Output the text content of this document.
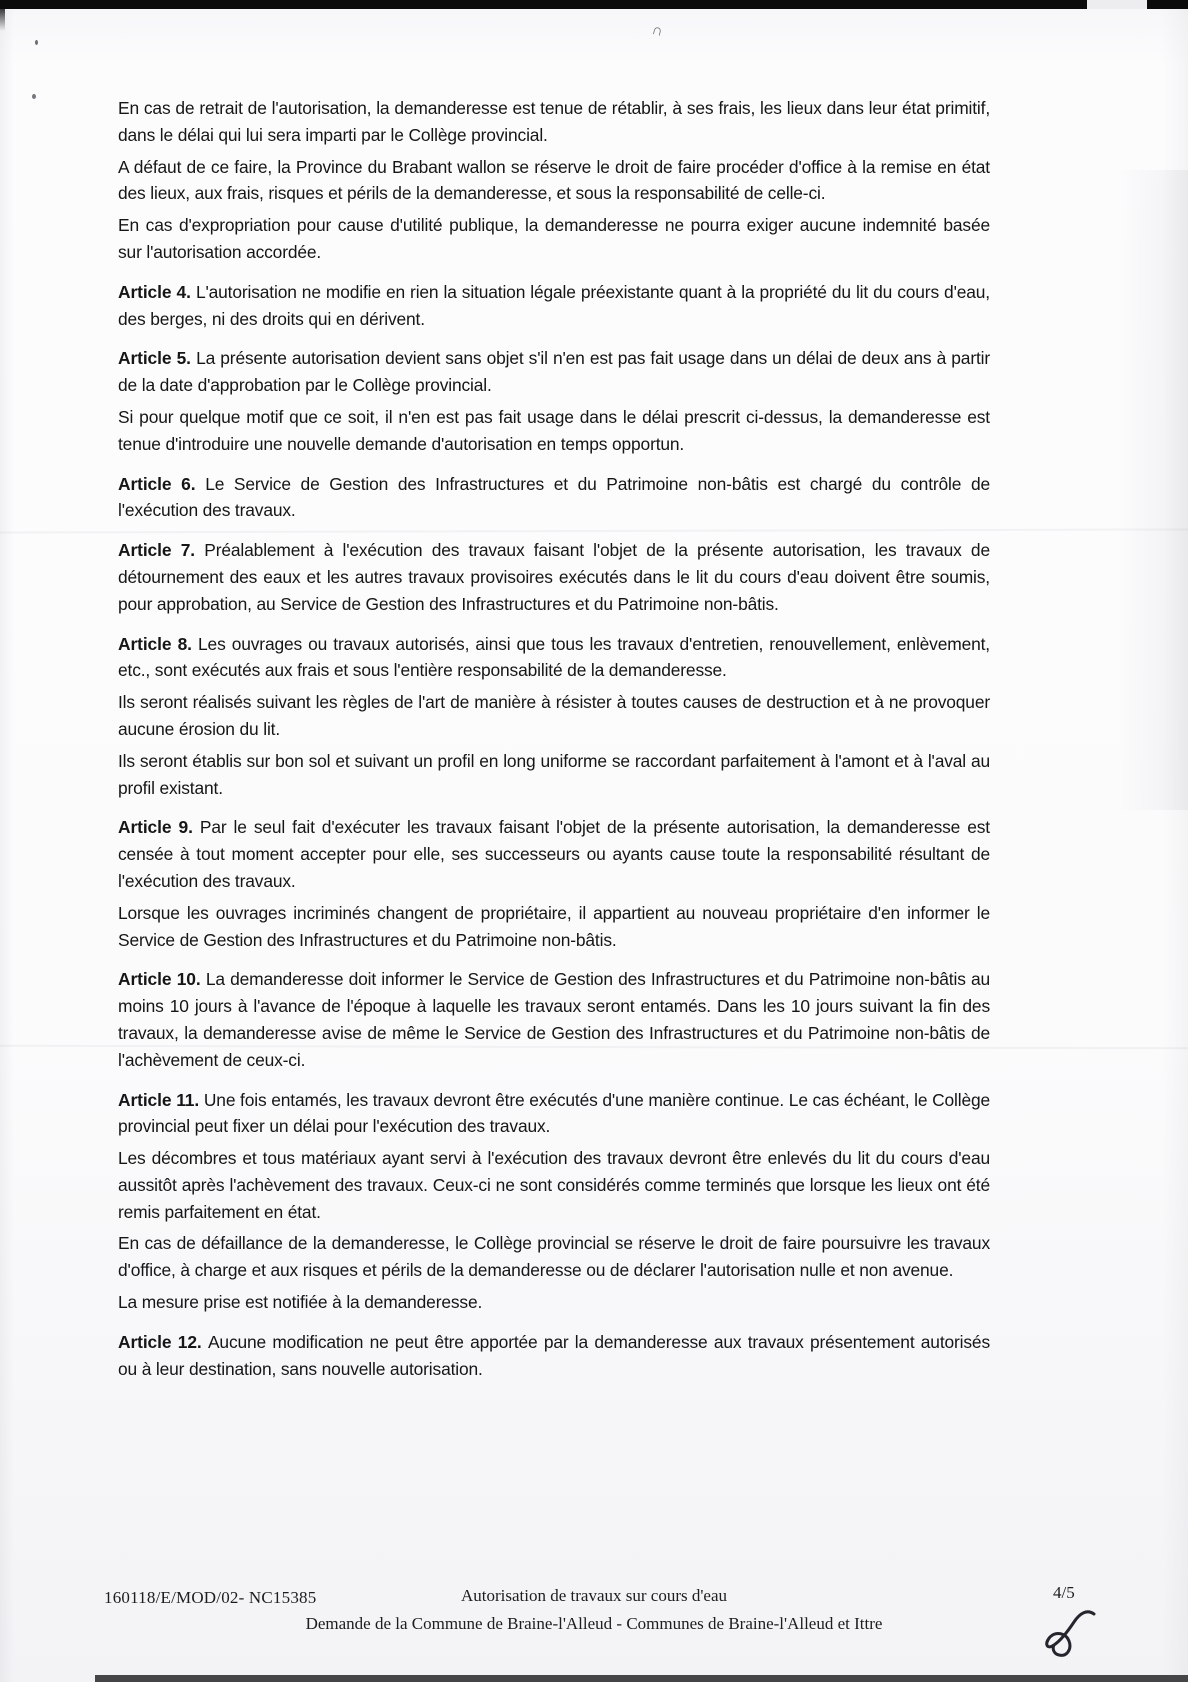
∩

En cas de retrait de l'autorisation, la demanderesse est tenue de rétablir, à ses frais, les lieux dans leur état primitif, dans le délai qui lui sera imparti par le Collège provincial.

A défaut de ce faire, la Province du Brabant wallon se réserve le droit de faire procéder d'office à la remise en état des lieux, aux frais, risques et périls de la demanderesse, et sous la responsabilité de celle-ci.

En cas d'expropriation pour cause d'utilité publique, la demanderesse ne pourra exiger aucune indemnité basée sur l'autorisation accordée.

Article 4. L'autorisation ne modifie en rien la situation légale préexistante quant à la propriété du lit du cours d'eau, des berges, ni des droits qui en dérivent.

Article 5. La présente autorisation devient sans objet s'il n'en est pas fait usage dans un délai de deux ans à partir de la date d'approbation par le Collège provincial.

Si pour quelque motif que ce soit, il n'en est pas fait usage dans le délai prescrit ci-dessus, la demanderesse est tenue d'introduire une nouvelle demande d'autorisation en temps opportun.

Article 6. Le Service de Gestion des Infrastructures et du Patrimoine non-bâtis est chargé du contrôle de l'exécution des travaux.

Article 7. Préalablement à l'exécution des travaux faisant l'objet de la présente autorisation, les travaux de détournement des eaux et les autres travaux provisoires exécutés dans le lit du cours d'eau doivent être soumis, pour approbation, au Service de Gestion des Infrastructures et du Patrimoine non-bâtis.

Article 8. Les ouvrages ou travaux autorisés, ainsi que tous les travaux d'entretien, renouvellement, enlèvement, etc., sont exécutés aux frais et sous l'entière responsabilité de la demanderesse.

Ils seront réalisés suivant les règles de l'art de manière à résister à toutes causes de destruction et à ne provoquer aucune érosion du lit.

Ils seront établis sur bon sol et suivant un profil en long uniforme se raccordant parfaitement à l'amont et à l'aval au profil existant.

Article 9. Par le seul fait d'exécuter les travaux faisant l'objet de la présente autorisation, la demanderesse est censée à tout moment accepter pour elle, ses successeurs ou ayants cause toute la responsabilité résultant de l'exécution des travaux.

Lorsque les ouvrages incriminés changent de propriétaire, il appartient au nouveau propriétaire d'en informer le Service de Gestion des Infrastructures et du Patrimoine non-bâtis.

Article 10. La demanderesse doit informer le Service de Gestion des Infrastructures et du Patrimoine non-bâtis au moins 10 jours à l'avance de l'époque à laquelle les travaux seront entamés. Dans les 10 jours suivant la fin des travaux, la demanderesse avise de même le Service de Gestion des Infrastructures et du Patrimoine non-bâtis de l'achèvement de ceux-ci.

Article 11. Une fois entamés, les travaux devront être exécutés d'une manière continue. Le cas échéant, le Collège provincial peut fixer un délai pour l'exécution des travaux.

Les décombres et tous matériaux ayant servi à l'exécution des travaux devront être enlevés du lit du cours d'eau aussitôt après l'achèvement des travaux. Ceux-ci ne sont considérés comme terminés que lorsque les lieux ont été remis parfaitement en état.

En cas de défaillance de la demanderesse, le Collège provincial se réserve le droit de faire poursuivre les travaux d'office, à charge et aux risques et périls de la demanderesse ou de déclarer l'autorisation nulle et non avenue.

La mesure prise est notifiée à la demanderesse.

Article 12. Aucune modification ne peut être apportée par la demanderesse aux travaux présentement autorisés ou à leur destination, sans nouvelle autorisation.

160118/E/MOD/02- NC15385	Autorisation de travaux sur cours d'eau	4/5
Demande de la Commune de Braine-l'Alleud - Communes de Braine-l'Alleud et Ittre
